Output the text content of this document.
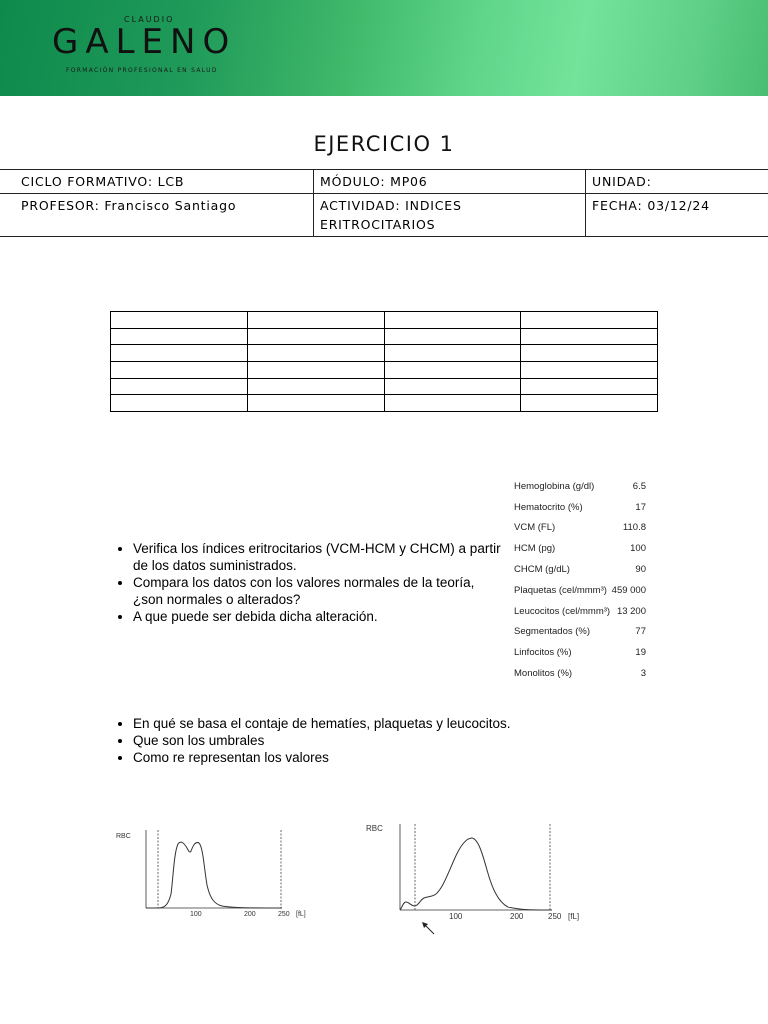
CLAUDIO
GALENO
FORMACIÓN PROFESIONAL EN SALUD
EJERCICIO 1
CICLO FORMATIVO: LCB	MÓDULO: MP06	UNIDAD:
PROFESOR: Francisco Santiago	ACTIVIDAD: INDICES ERITROCITARIOS	FECHA: 03/12/24

• Verifica los índices eritrocitarios (VCM-HCM y CHCM) a partir de los datos suministrados.
• Compara los datos con los valores normales de la teoría, ¿son normales o alterados?
• A que puede ser debida dicha alteración.
Hemoglobina (g/dl)	6.5
Hematocrito (%)	17
VCM (FL)	110.8
HCM (pg)	100
CHCM (g/dL)	90
Plaquetas (cel/mmm³)	459 000
Leucocitos (cel/mmm³)	13 200
Segmentados (%)	77
Linfocitos (%)	19
Monolitos (%)	3
• En qué se basa el contaje de hematíes, plaquetas y leucocitos.
• Que son los umbrales
• Como re representan los valores
RBC
100	200	250 [fL]
RBC
100	200	250 [fL]
